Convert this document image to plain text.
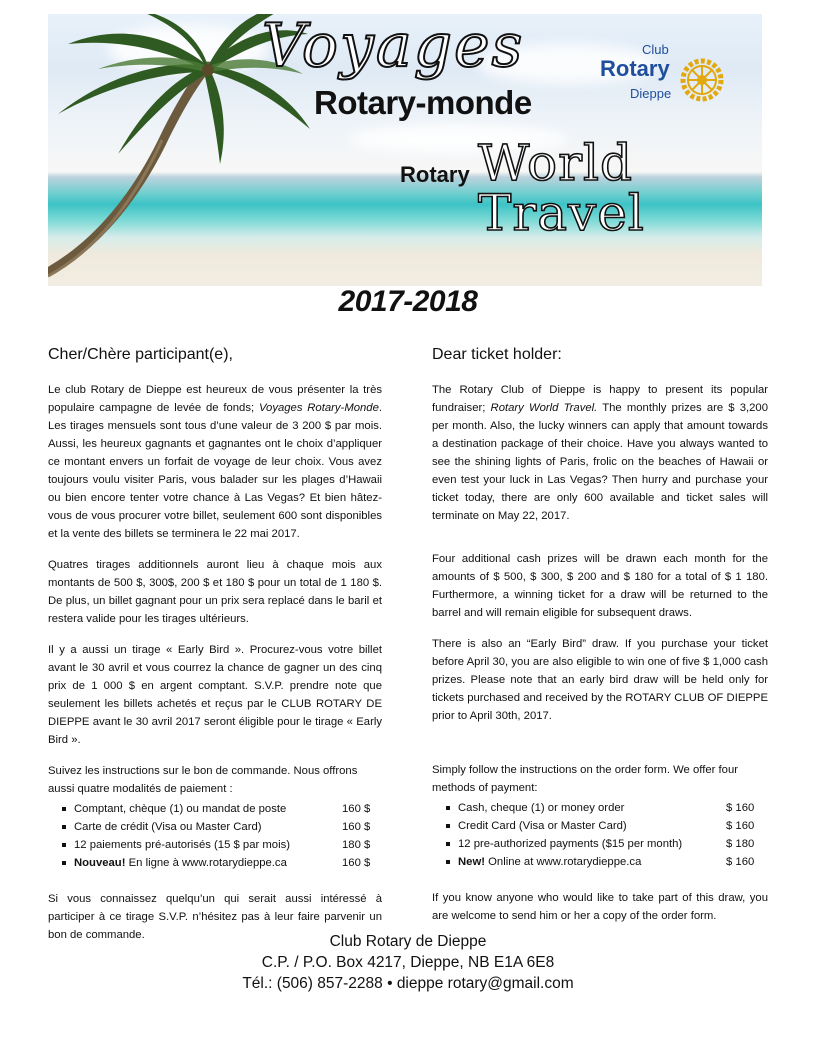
Voyages
Rotary-monde
Rotary World Travel
Club
Rotary
Dieppe
2017-2018
Cher/Chère participant(e),

Le club Rotary de Dieppe est heureux de vous présenter la très populaire campagne de levée de fonds; Voyages Rotary-Monde. Les tirages mensuels sont tous d’une valeur de 3 200 $ par mois. Aussi, les heureux gagnants et gagnantes ont le choix d’appliquer ce montant envers un forfait de voyage de leur choix. Vous avez toujours voulu visiter Paris, vous balader sur les plages d’Hawaii ou bien encore tenter votre chance à Las Vegas? Et bien hâtez-vous de vous procurer votre billet, seulement 600 sont disponibles et la vente des billets se terminera le 22 mai 2017.

Quatres tirages additionnels auront lieu à chaque mois aux montants de 500 $, 300$, 200 $ et 180 $ pour un total de 1 180 $. De plus, un billet gagnant pour un prix sera replacé dans le baril et restera valide pour les tirages ultérieurs.

Il y a aussi un tirage « Early Bird ». Procurez-vous votre billet avant le 30 avril et vous courrez la chance de gagner un des cinq prix de 1 000 $ en argent comptant. S.V.P. prendre note que seulement les billets achetés et reçus par le CLUB ROTARY DE DIEPPE avant le 30 avril 2017 seront éligible pour le tirage « Early Bird ».

Suivez les instructions sur le bon de commande. Nous offrons aussi quatre modalités de paiement :

Comptant, chèque (1) ou mandat de poste	160 $
Carte de crédit (Visa ou Master Card)	160 $
12 paiements pré-autorisés (15 $ par mois)	180 $
Nouveau! En ligne à www.rotarydieppe.ca	160 $

Si vous connaissez quelqu’un qui serait aussi intéressé à participer à ce tirage S.V.P. n’hésitez pas à leur faire parvenir un bon de commande.

Dear ticket holder:

The Rotary Club of Dieppe is happy to present its popular fundraiser; Rotary World Travel. The monthly prizes are $ 3,200 per month. Also, the lucky winners can apply that amount towards a destination package of their choice. Have you always wanted to see the shining lights of Paris, frolic on the beaches of Hawaii or even test your luck in Las Vegas? Then hurry and purchase your ticket today, there are only 600 available and ticket sales will terminate on May 22, 2017.

Four additional cash prizes will be drawn each month for the amounts of $ 500, $ 300, $ 200 and $ 180 for a total of $ 1 180. Furthermore, a winning ticket for a draw will be returned to the barrel and will remain eligible for subsequent draws.

There is also an “Early Bird” draw. If you purchase your ticket before April 30, you are also eligible to win one of five $ 1,000 cash prizes. Please note that an early bird draw will be held only for tickets purchased and received by the ROTARY CLUB OF DIEPPE prior to April 30th, 2017.

Simply follow the instructions on the order form. We offer four methods of payment:

Cash, cheque (1) or money order	$ 160
Credit Card (Visa or Master Card)	$ 160
12 pre-authorized payments ($15 per month)	$ 180
New! Online at www.rotarydieppe.ca	$ 160

If you know anyone who would like to take part of this draw, you are welcome to send him or her a copy of the order form.

Club Rotary de Dieppe
C.P. / P.O. Box 4217, Dieppe, NB E1A 6E8
Tél.: (506) 857-2288 • dieppe rotary@gmail.com
